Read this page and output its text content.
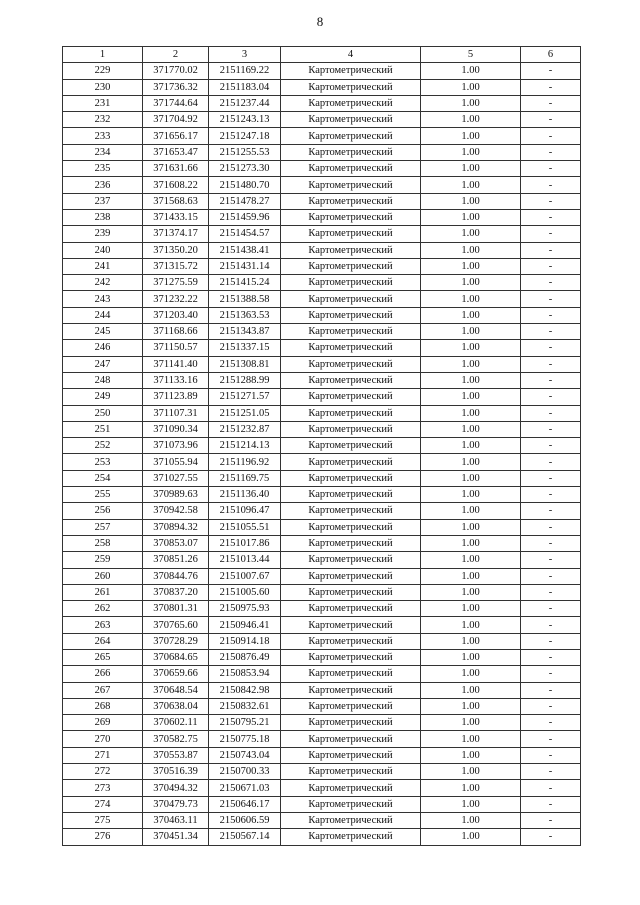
8
1	2	3	4	5	6
229	371770.02	2151169.22	Картометрический	1.00	-
230	371736.32	2151183.04	Картометрический	1.00	-
231	371744.64	2151237.44	Картометрический	1.00	-
232	371704.92	2151243.13	Картометрический	1.00	-
233	371656.17	2151247.18	Картометрический	1.00	-
234	371653.47	2151255.53	Картометрический	1.00	-
235	371631.66	2151273.30	Картометрический	1.00	-
236	371608.22	2151480.70	Картометрический	1.00	-
237	371568.63	2151478.27	Картометрический	1.00	-
238	371433.15	2151459.96	Картометрический	1.00	-
239	371374.17	2151454.57	Картометрический	1.00	-
240	371350.20	2151438.41	Картометрический	1.00	-
241	371315.72	2151431.14	Картометрический	1.00	-
242	371275.59	2151415.24	Картометрический	1.00	-
243	371232.22	2151388.58	Картометрический	1.00	-
244	371203.40	2151363.53	Картометрический	1.00	-
245	371168.66	2151343.87	Картометрический	1.00	-
246	371150.57	2151337.15	Картометрический	1.00	-
247	371141.40	2151308.81	Картометрический	1.00	-
248	371133.16	2151288.99	Картометрический	1.00	-
249	371123.89	2151271.57	Картометрический	1.00	-
250	371107.31	2151251.05	Картометрический	1.00	-
251	371090.34	2151232.87	Картометрический	1.00	-
252	371073.96	2151214.13	Картометрический	1.00	-
253	371055.94	2151196.92	Картометрический	1.00	-
254	371027.55	2151169.75	Картометрический	1.00	-
255	370989.63	2151136.40	Картометрический	1.00	-
256	370942.58	2151096.47	Картометрический	1.00	-
257	370894.32	2151055.51	Картометрический	1.00	-
258	370853.07	2151017.86	Картометрический	1.00	-
259	370851.26	2151013.44	Картометрический	1.00	-
260	370844.76	2151007.67	Картометрический	1.00	-
261	370837.20	2151005.60	Картометрический	1.00	-
262	370801.31	2150975.93	Картометрический	1.00	-
263	370765.60	2150946.41	Картометрический	1.00	-
264	370728.29	2150914.18	Картометрический	1.00	-
265	370684.65	2150876.49	Картометрический	1.00	-
266	370659.66	2150853.94	Картометрический	1.00	-
267	370648.54	2150842.98	Картометрический	1.00	-
268	370638.04	2150832.61	Картометрический	1.00	-
269	370602.11	2150795.21	Картометрический	1.00	-
270	370582.75	2150775.18	Картометрический	1.00	-
271	370553.87	2150743.04	Картометрический	1.00	-
272	370516.39	2150700.33	Картометрический	1.00	-
273	370494.32	2150671.03	Картометрический	1.00	-
274	370479.73	2150646.17	Картометрический	1.00	-
275	370463.11	2150606.59	Картометрический	1.00	-
276	370451.34	2150567.14	Картометрический	1.00	-
